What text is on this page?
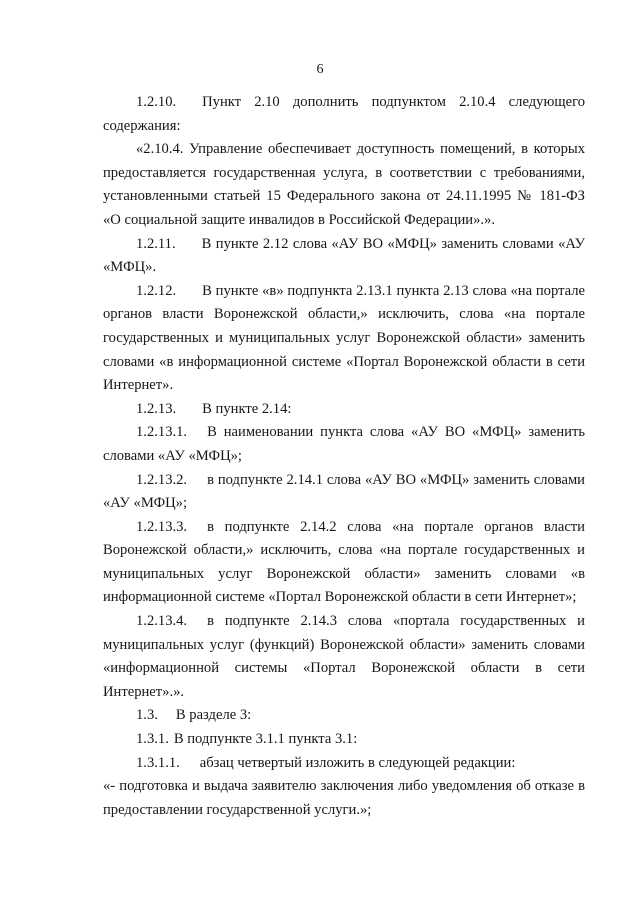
6

1.2.10. Пункт 2.10 дополнить подпунктом 2.10.4 следующего содержания:

«2.10.4. Управление обеспечивает доступность помещений, в которых предоставляется государственная услуга, в соответствии с требованиями, установленными статьей 15 Федерального закона от 24.11.1995 № 181-ФЗ «О социальной защите инвалидов в Российской Федерации».».

1.2.11. В пункте 2.12 слова «АУ ВО «МФЦ» заменить словами «АУ «МФЦ».

1.2.12. В пункте «в» подпункта 2.13.1 пункта 2.13 слова «на портале органов власти Воронежской области,» исключить, слова «на портале государственных и муниципальных услуг Воронежской области» заменить словами «в информационной системе «Портал Воронежской области в сети Интернет».

1.2.13. В пункте 2.14:

1.2.13.1. В наименовании пункта слова «АУ ВО «МФЦ» заменить словами «АУ «МФЦ»;

1.2.13.2. в подпункте 2.14.1 слова «АУ ВО «МФЦ» заменить словами «АУ «МФЦ»;

1.2.13.3. в подпункте 2.14.2 слова «на портале органов власти Воронежской области,» исключить, слова «на портале государственных и муниципальных услуг Воронежской области» заменить словами «в информационной системе «Портал Воронежской области в сети Интернет»;

1.2.13.4. в подпункте 2.14.3 слова «портала государственных и муниципальных услуг (функций) Воронежской области» заменить словами «информационной системы «Портал Воронежской области в сети Интернет».».

1.3. В разделе 3:

1.3.1. В подпункте 3.1.1 пункта 3.1:

1.3.1.1. абзац четвертый изложить в следующей редакции:

«- подготовка и выдача заявителю заключения либо уведомления об отказе в предоставлении государственной услуги.»;
